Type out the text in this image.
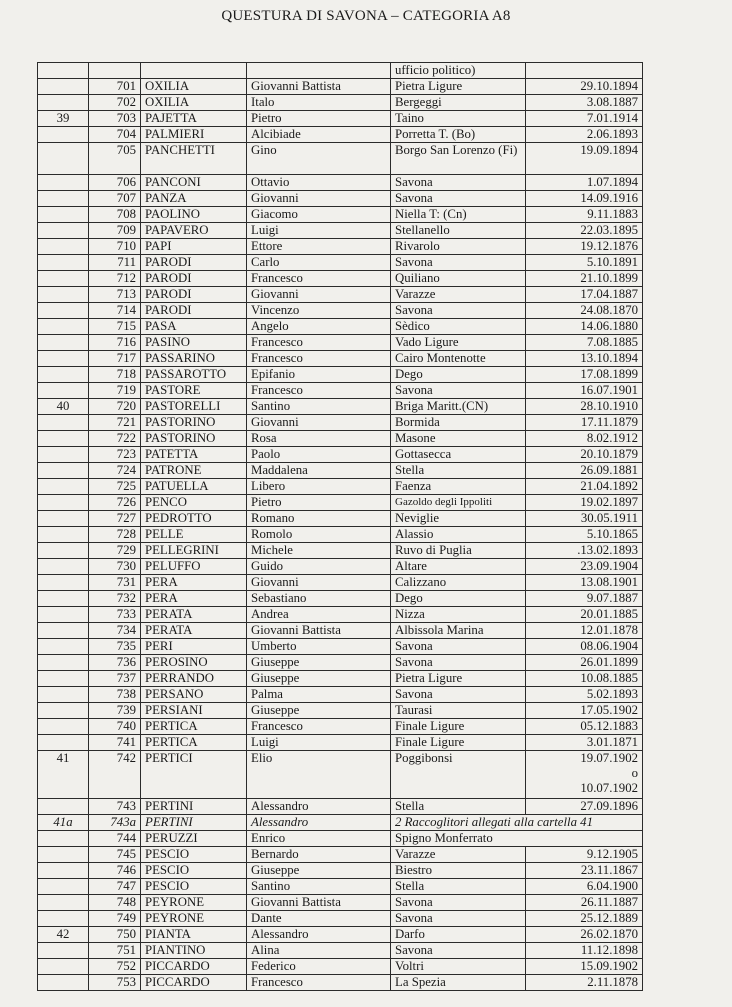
QUESTURA DI SAVONA – CATEGORIA A8
				ufficio politico)	
	701	OXILIA	Giovanni Battista	Pietra Ligure	29.10.1894
	702	OXILIA	Italo	Bergeggi	3.08.1887
39	703	PAJETTA	Pietro	Taino	7.01.1914
	704	PALMIERI	Alcibiade	Porretta T. (Bo)	2.06.1893
	705	PANCHETTI	Gino	Borgo San Lorenzo (Fi)	19.09.1894
	706	PANCONI	Ottavio	Savona	1.07.1894
	707	PANZA	Giovanni	Savona	14.09.1916
	708	PAOLINO	Giacomo	Niella T: (Cn)	9.11.1883
	709	PAPAVERO	Luigi	Stellanello	22.03.1895
	710	PAPI	Ettore	Rivarolo	19.12.1876
	711	PARODI	Carlo	Savona	5.10.1891
	712	PARODI	Francesco	Quiliano	21.10.1899
	713	PARODI	Giovanni	Varazze	17.04.1887
	714	PARODI	Vincenzo	Savona	24.08.1870
	715	PASA	Angelo	Sèdico	14.06.1880
	716	PASINO	Francesco	Vado Ligure	7.08.1885
	717	PASSARINO	Francesco	Cairo Montenotte	13.10.1894
	718	PASSAROTTO	Epifanio	Dego	17.08.1899
	719	PASTORE	Francesco	Savona	16.07.1901
40	720	PASTORELLI	Santino	Briga Maritt.(CN)	28.10.1910
	721	PASTORINO	Giovanni	Bormida	17.11.1879
	722	PASTORINO	Rosa	Masone	8.02.1912
	723	PATETTA	Paolo	Gottasecca	20.10.1879
	724	PATRONE	Maddalena	Stella	26.09.1881
	725	PATUELLA	Libero	Faenza	21.04.1892
	726	PENCO	Pietro	Gazoldo degli Ippoliti	19.02.1897
	727	PEDROTTO	Romano	Neviglie	30.05.1911
	728	PELLE	Romolo	Alassio	5.10.1865
	729	PELLEGRINI	Michele	Ruvo di Puglia	.13.02.1893
	730	PELUFFO	Guido	Altare	23.09.1904
	731	PERA	Giovanni	Calizzano	13.08.1901
	732	PERA	Sebastiano	Dego	9.07.1887
	733	PERATA	Andrea	Nizza	20.01.1885
	734	PERATA	Giovanni Battista	Albissola Marina	12.01.1878
	735	PERI	Umberto	Savona	08.06.1904
	736	PEROSINO	Giuseppe	Savona	26.01.1899
	737	PERRANDO	Giuseppe	Pietra Ligure	10.08.1885
	738	PERSANO	Palma	Savona	5.02.1893
	739	PERSIANI	Giuseppe	Taurasi	17.05.1902
	740	PERTICA	Francesco	Finale Ligure	05.12.1883
	741	PERTICA	Luigi	Finale Ligure	3.01.1871
41	742	PERTICI	Elio	Poggibonsi	19.07.1902
o
10.07.1902

	743	PERTINI	Alessandro	Stella	27.09.1896
41a	743a	PERTINI	Alessandro	2 Raccoglitori allegati alla cartella 41	
	744	PERUZZI	Enrico	Spigno Monferrato	
	745	PESCIO	Bernardo	Varazze	9.12.1905
	746	PESCIO	Giuseppe	Biestro	23.11.1867
	747	PESCIO	Santino	Stella	6.04.1900
	748	PEYRONE	Giovanni Battista	Savona	26.11.1887
	749	PEYRONE	Dante	Savona	25.12.1889
42	750	PIANTA	Alessandro	Darfo	26.02.1870
	751	PIANTINO	Alina	Savona	11.12.1898
	752	PICCARDO	Federico	Voltri	15.09.1902
	753	PICCARDO	Francesco	La Spezia	2.11.1878
